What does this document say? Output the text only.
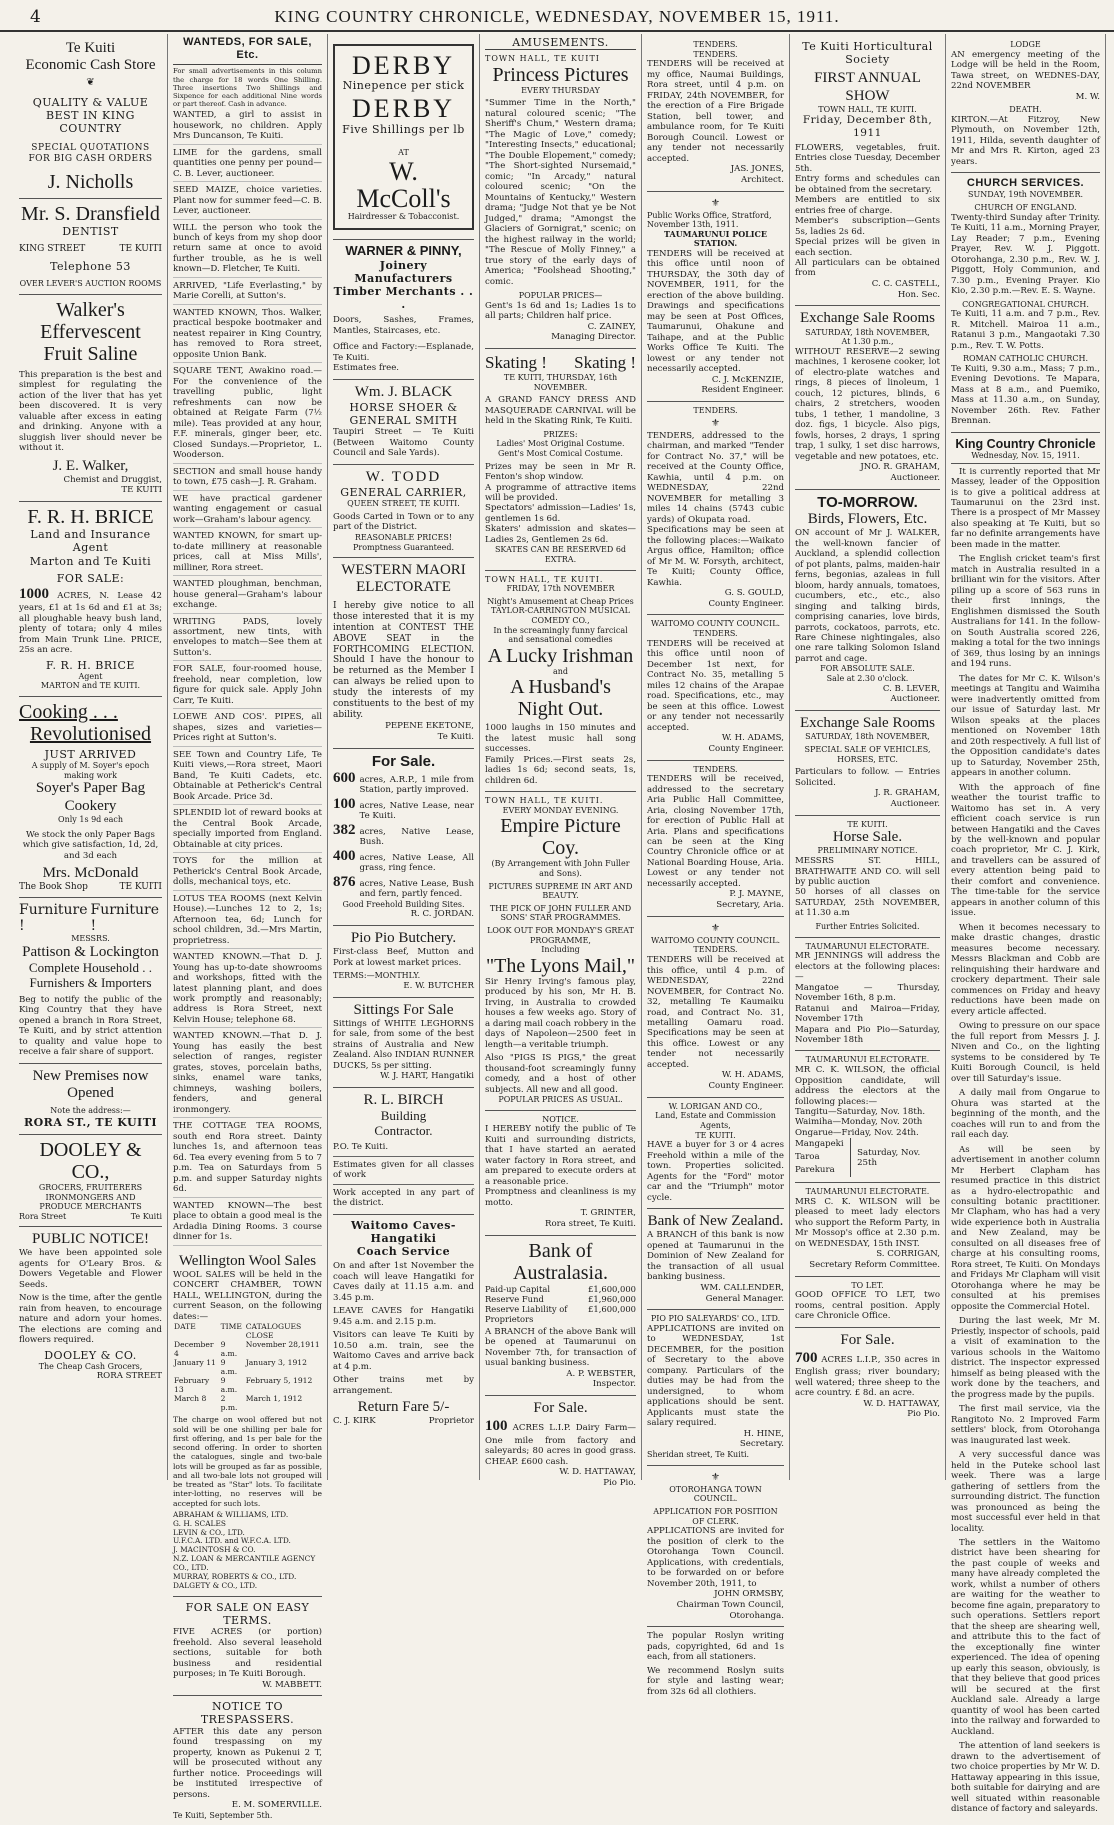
4	KING COUNTRY CHRONICLE, WEDNESDAY, NOVEMBER 15, 1911.
Te Kuiti
Economic Cash Store
❦
QUALITY & VALUE
BEST IN KING COUNTRY
SPECIAL QUOTATIONS
FOR BIG CASH ORDERS
J. Nicholls
Mr. S. Dransfield
DENTIST
KING STREET	TE KUITI
Telephone 53
OVER LEVER'S AUCTION ROOMS
Walker's
Effervescent
Fruit Saline
This preparation is the best and simplest for regulating the action of the liver that has yet been discovered. It is very valuable after excess in eating and drinking. Anyone with a sluggish liver should never be without it.
J. E. Walker,
Chemist and Druggist,
TE KUITI
F. R. H. BRICE
Land and Insurance Agent
Marton and Te Kuiti
FOR SALE:
1000 ACRES, N. Lease 42 years, £1 at 1s 6d and £1 at 3s; all ploughable heavy bush land, plenty of totara; only 4 miles from Main Trunk Line. PRICE, 25s an acre.
F. R. H. BRICE
Agent
MARTON and TE KUITI.
Cooking . . .
Revolutionised
JUST ARRIVED
A supply of M. Soyer's epoch making work
Soyer's Paper Bag Cookery
Only 1s 9d each
We stock the only Paper Bags which give satisfaction, 1d, 2d, and 3d each
Mrs. McDonald
The Book Shop	TE KUITI
Furniture !
Furniture !
MESSRS.
Pattison & Lockington
Complete Household . .
Furnishers & Importers
Beg to notify the public of the King Country that they have opened a branch in Rora Street, Te Kuiti, and by strict attention to quality and value hope to receive a fair share of support.
New Premises now
Opened
Note the address:—
RORA ST., TE KUITI
DOOLEY & CO.,
GROCERS, FRUITERERS
IRONMONGERS AND
PRODUCE MERCHANTS
Rora Street	Te Kuiti
PUBLIC NOTICE!
We have been appointed sole agents for O'Leary Bros. & Dowers Vegetable and Flower Seeds.
Now is the time, after the gentle rain from heaven, to encourage nature and adorn your homes. The elections are coming and flowers required.
DOOLEY & CO.
The Cheap Cash Grocers,
RORA STREET
WANTEDS, FOR SALE, Etc.
For small advertisements in this column the charge for 18 words One Shilling. Three insertions Two Shillings and Sixpence for each additional Nine words or part thereof. Cash in advance.
WANTED, a girl to assist in housework, no children. Apply Mrs Duncanson, Te Kuiti.
LIME for the gardens, small quantities one penny per pound—C. B. Lever, auctioneer.
SEED MAIZE, choice varieties. Plant now for summer feed—C. B. Lever, auctioneer.
WILL the person who took the bunch of keys from my shop door return same at once to avoid further trouble, as he is well known—D. Fletcher, Te Kuiti.
ARRIVED, "Life Everlasting," by Marie Corelli, at Sutton's.
WANTED KNOWN, Thos. Walker, practical bespoke bootmaker and neatest repairer in King Country, has removed to Rora street, opposite Union Bank.
SQUARE TENT, Awakino road.—For the convenience of the travelling public, light refreshments can now be obtained at Reigate Farm (7½ mile). Teas provided at any hour, F.F. minerals, ginger beer, etc. Closed Sundays.—Proprietor, L. Wooderson.
SECTION and small house handy to town, £75 cash—J. R. Graham.
WE have practical gardener wanting engagement or casual work—Graham's labour agency.
WANTED KNOWN, for smart up-to-date millinery at reasonable prices, call at Miss Mills', milliner, Rora street.
WANTED ploughman, benchman, house general—Graham's labour exchange.
WRITING PADS, lovely assortment, new tints, with envelopes to match—See them at Sutton's.
FOR SALE, four-roomed house, freehold, near completion, low figure for quick sale. Apply John Carr, Te Kuiti.
LOEWE AND COS'. PIPES, all shapes, sizes and varieties—Prices right at Sutton's.
SEE Town and Country Life, Te Kuiti views,—Rora street, Maori Band, Te Kuiti Cadets, etc. Obtainable at Petherick's Central Book Arcade. Price 3d.
SPLENDID lot of reward books at the Central Book Arcade, specially imported from England. Obtainable at city prices.
TOYS for the million at Petherick's Central Book Arcade, dolls, mechanical toys, etc.
LOTUS TEA ROOMS (next Kelvin House).—Lunches 12 to 2, 1s; Afternoon tea, 6d; Lunch for school children, 3d.—Mrs Martin, proprietress.
WANTED KNOWN.—That D. J. Young has up-to-date showrooms and workshops, fitted with the latest planning plant, and does work promptly and reasonably; address is Rora Street, next Kelvin House; telephone 68.
WANTED KNOWN.—That D. J. Young has easily the best selection of ranges, register grates, stoves, porcelain baths, sinks, enamel ware tanks, chimneys, washing boilers, fenders, and general ironmongery.
THE COTTAGE TEA ROOMS, south end Rora street. Dainty lunches 1s, and afternoon teas 6d. Tea every evening from 5 to 7 p.m. Tea on Saturdays from 5 p.m. and supper Saturday nights 6d.
WANTED KNOWN—The best place to obtain a good meal is the Ardadia Dining Rooms. 3 course dinner for 1s.
Wellington Wool Sales
WOOL SALES will be held in the CONCERT CHAMBER, TOWN HALL, WELLINGTON, during the current Season, on the following dates:—
DATE	TIME	CATALOGUES CLOSE
December 4	9 a.m.	November 28,1911
January 11	9 a.m.	January 3, 1912
February 13	9 a.m.	February 5, 1912
March 8	2 p.m.	March 1, 1912
The charge on wool offered but not sold will be one shilling per bale for first offering, and 1s per bale for the second offering. In order to shorten the catalogues, single and two-bale lots will be grouped as far as possible, and all two-bale lots not grouped will be treated as "Star" lots. To facilitate inter-lotting, no reserves will be accepted for such lots.
ABRAHAM & WILLIAMS, LTD.
G. H. SCALES
LEVIN & CO., LTD.
U.F.C.A. LTD. and W.F.C.A. LTD.
J. MACINTOSH & CO.
N.Z. LOAN & MERCANTILE AGENCY CO., LTD.
MURRAY, ROBERTS & CO., LTD.
DALGETY & CO., LTD.
FOR SALE ON EASY TERMS.
FIVE ACRES (or portion) freehold. Also several leasehold sections, suitable for both business and residential purposes; in Te Kuiti Borough.
W. MABBETT.
NOTICE TO TRESPASSERS.
AFTER this date any person found trespassing on my property, known as Pukenui 2 T, will be prosecuted without any further notice. Proceedings will be instituted irrespective of persons.
E. M. SOMERVILLE.
Te Kuiti, September 5th.
DERBY
Ninepence per stick
DERBY
Five Shillings per lb
AT
W. McColl's
Hairdresser & Tobacconist.
WARNER & PINNY,
Joinery Manufacturers
Timber Merchants . . .
Doors, Sashes, Frames, Mantles, Staircases, etc.
Office and Factory:—Esplanade, Te Kuiti.
Estimates free.
Wm. J. BLACK
HORSE SHOER &
GENERAL SMITH
Taupiri Street — Te Kuiti (Between Waitomo County Council and Sale Yards).
W. TODD
GENERAL CARRIER,
QUEEN STREET, TE KUITI.
Goods Carted in Town or to any part of the District.
REASONABLE PRICES!
Promptness Guaranteed.
WESTERN MAORI
ELECTORATE
I hereby give notice to all those interested that it is my intention at CONTEST THE ABOVE SEAT in the FORTHCOMING ELECTION. Should I have the honour to be returned as the Member I can always be relied upon to study the interests of my constituents to the best of my ability.
PEPENE EKETONE,
Te Kuiti.
For Sale.
600 acres, A.R.P., 1 mile from Station, partly improved.
100 acres, Native Lease, near Te Kuiti.
382 acres, Native Lease, Bush.
400 acres, Native Lease, All grass, ring fence.
876 acres, Native Lease, Bush and fern, partly fenced.
Good Freehold Building Sites.
R. C. JORDAN.
Pio Pio Butchery.
First-class Beef, Mutton and Pork at lowest market prices.
TERMS:—MONTHLY.
E. W. BUTCHER
Sittings For Sale
Sittings of WHITE LEGHORNS for sale, from some of the best strains of Australia and New Zealand. Also INDIAN RUNNER DUCKS, 5s per sitting.
W. J. HART, Hangatiki
R. L. BIRCH
Building
Contractor.
P.O. Te Kuiti.
Estimates given for all classes of work
Work accepted in any part of the district.
Waitomo Caves-Hangatiki
Coach Service
On and after 1st November the coach will leave Hangatiki for Caves daily at 11.15 a.m. and 3.45 p.m.
LEAVE CAVES for Hangatiki 9.45 a.m. and 2.15 p.m.
Visitors can leave Te Kuiti by 10.50 a.m. train, see the Waitomo Caves and arrive back at 4 p.m.
Other trains met by arrangement.
Return Fare 5/-
C. J. KIRK	Proprietor
AMUSEMENTS.
TOWN HALL, TE KUITI
Princess Pictures
EVERY THURSDAY
"Summer Time in the North," natural coloured scenic; "The Sheriff's Chum," Western drama; "The Magic of Love," comedy; "Interesting Insects," educational; "The Double Elopement," comedy; "The Short-sighted Nursemaid," comic; "In Arcady," natural coloured scenic; "On the Mountains of Kentucky," Western drama; "Judge Not that ye be Not Judged," drama; "Amongst the Glaciers of Gornigrat," scenic; on the highest railway in the world; "The Rescue of Molly Finney," a true story of the early days of America; "Foolshead Shooting," comic.
POPULAR PRICES—
Gent's 1s 6d and 1s; Ladies 1s to all parts; Children half price.
C. ZAINEY,
Managing Director.
Skating ! Skating !
TE KUITI, THURSDAY, 16th NOVEMBER.
A GRAND FANCY DRESS AND MASQUERADE CARNIVAL will be held in the Skating Rink, Te Kuiti.
PRIZES:
Ladies' Most Original Costume.
Gent's Most Comical Costume.
Prizes may be seen in Mr R. Fenton's shop window.
A programme of attractive items will be provided.
Spectators' admission—Ladies' 1s, gentlemen 1s 6d.
Skaters' admission and skates—Ladies 2s, Gentlemen 2s 6d.
SKATES CAN BE RESERVED 6d EXTRA.
TOWN HALL, TE KUITI.
FRIDAY, 17th NOVEMBER
Night's Amusement at Cheap Prices
TAYLOR-CARRINGTON MUSICAL COMEDY CO.,
In the screamingly funny farcical and sensational comedies
A Lucky Irishman
and
A Husband's Night Out.
1000 laughs in 150 minutes and the latest music hall song successes.
Family Prices.—First seats 2s, ladies 1s 6d; second seats, 1s, children 6d.
TOWN HALL, TE KUITI.
EVERY MONDAY EVENING.
Empire Picture Coy.
(By Arrangement with John Fuller and Sons).
PICTURES SUPREME IN ART AND BEAUTY.
THE PICK OF JOHN FULLER AND SONS' STAR PROGRAMMES.
LOOK OUT FOR MONDAY'S GREAT PROGRAMME,
Including
"The Lyons Mail,"
Sir Henry Irving's famous play, produced by his son, Mr H. B. Irving, in Australia to crowded houses a few weeks ago. Story of a daring mail coach robbery in the days of Napoleon—2500 feet in length—a veritable triumph.
Also "PIGS IS PIGS," the great thousand-foot screamingly funny comedy, and a host of other subjects. All new and all good.
POPULAR PRICES AS USUAL.
NOTICE.
I HEREBY notify the public of Te Kuiti and surrounding districts, that I have started an aerated water factory in Rora street, and am prepared to execute orders at a reasonable price.
Promptness and cleanliness is my motto.
T. GRINTER,
Rora street, Te Kuiti.
Bank of Australasia.
Paid-up Capital	£1,600,000
Reserve Fund	£1,960,000
Reserve Liability of Proprietors
£1,600,000
A BRANCH of the above Bank will be opened at Taumarunui on November 7th, for transaction of usual banking business.
A. P. WEBSTER,
Inspector.
For Sale.
100 ACRES L.I.P. Dairy Farm—One mile from factory and saleyards; 80 acres in good grass. CHEAP. £600 cash.
W. D. HATTAWAY,
Pio Pio.
TENDERS.
TENDERS.
TENDERS will be received at my office, Naumai Buildings, Rora street, until 4 p.m. on FRIDAY, 24th NOVEMBER, for the erection of a Fire Brigade Station, bell tower, and ambulance room, for Te Kuiti Borough Council. Lowest or any tender not necessarily accepted.
JAS. JONES,
Architect.
⚜
Public Works Office, Stratford, November 13th, 1911.
TAUMARUNUI POLICE STATION.
TENDERS will be received at this office until noon of THURSDAY, the 30th day of NOVEMBER, 1911, for the erection of the above building. Drawings and specifications may be seen at Post Offices, Taumarunui, Ohakune and Taihape, and at the Public Works Office Te Kuiti. The lowest or any tender not necessarily accepted.
C. J. McKENZIE,
Resident Engineer.
TENDERS.
⚜
TENDERS, addressed to the chairman, and marked "Tender for Contract No. 37," will be received at the County Office, Kawhia, until 4 p.m. on WEDNESDAY, 22nd NOVEMBER for metalling 3 miles 14 chains (5743 cubic yards) of Okupata road.
Specifications may be seen at the following places:—Waikato Argus office, Hamilton; office of Mr M. W. Forsyth, architect, Te Kuiti; County Office, Kawhia.
G. S. GOULD,
County Engineer.
WAITOMO COUNTY COUNCIL.
TENDERS.
TENDERS will be received at this office until noon of December 1st next, for Contract No. 35, metalling 5 miles 12 chains of the Arapae road. Specifications, etc., may be seen at this office. Lowest or any tender not necessarily accepted.
W. H. ADAMS,
County Engineer.
TENDERS.
TENDERS will be received, addressed to the secretary Aria Public Hall Committee, Aria, closing November 17th, for erection of Public Hall at Aria. Plans and specifications can be seen at the King Country Chronicle office or at National Boarding House, Aria. Lowest or any tender not necessarily accepted.
P. J. MAYNE,
Secretary, Aria.
⚜
WAITOMO COUNTY COUNCIL.
TENDERS.
TENDERS will be received at this office, until 4 p.m. of WEDNESDAY, 22nd NOVEMBER, for Contract No. 32, metalling Te Kaumaiku road, and Contract No. 31, metalling Oamaru road. Specifications may be seen at this office. Lowest or any tender not necessarily accepted.
W. H. ADAMS,
County Engineer.
W. LORIGAN AND CO.,
Land, Estate and Commission Agents,
TE KUITI.
HAVE a buyer for 3 or 4 acres Freehold within a mile of the town. Properties solicited. Agents for the "Ford" motor car and the "Triumph" motor cycle.
Bank of New Zealand.
A BRANCH of this bank is now opened at Taumarunui in the Dominion of New Zealand for the transaction of all usual banking business.
WM. CALLENDER,
General Manager.
PIO PIO SALEYARDS' CO., LTD.
APPLICATIONS are invited on to WEDNESDAY, 1st DECEMBER, for the position of Secretary to the above company. Particulars of the duties may be had from the undersigned, to whom applications should be sent. Applicants must state the salary required.
H. HINE,
Secretary.
Sheridan street, Te Kuiti.
⚜
OTOROHANGA TOWN COUNCIL.
APPLICATION FOR POSITION OF CLERK.
APPLICATIONS are invited for the position of clerk to the Otorohanga Town Council. Applications, with credentials, to be forwarded on or before November 20th, 1911, to
JOHN ORMSBY,
Chairman Town Council,
Otorohanga.
The popular Roslyn writing pads, copyrighted, 6d and 1s each, from all stationers.
We recommend Roslyn suits for style and lasting wear; from 32s 6d all clothiers.
Te Kuiti Horticultural
Society
FIRST ANNUAL SHOW
TOWN HALL, TE KUITI.
Friday, December 8th, 1911
FLOWERS, vegetables, fruit. Entries close Tuesday, December 5th.
Entry forms and schedules can be obtained from the secretary.
Members are entitled to six entries free of charge.
Member's subscription—Gents 5s, ladies 2s 6d.
Special prizes will be given in each section.
All particulars can be obtained from
C. C. CASTELL,
Hon. Sec.
Exchange Sale Rooms
SATURDAY, 18th NOVEMBER,
At 1.30 p.m.,
WITHOUT RESERVE—2 sewing machines, 1 kerosene cooker, lot of electro-plate watches and rings, 8 pieces of linoleum, 1 couch, 12 pictures, blinds, 6 chairs, 2 stretchers, wooden tubs, 1 tether, 1 mandoline, 3 doz. figs, 1 bicycle. Also pigs, fowls, horses, 2 drays, 1 spring trap, 1 sulky, 1 set disc harrows, vegetable and new potatoes, etc.
JNO. R. GRAHAM,
Auctioneer.
TO-MORROW.
Birds, Flowers, Etc.
ON account of Mr J. WALKER, the well-known fancier of Auckland, a splendid collection of pot plants, palms, maiden-hair ferns, begonias, azaleas in full bloom, hardy annuals, tomatoes, cucumbers, etc., etc., also singing and talking birds, comprising canaries, love birds, parrots, cockatoos, parrots, etc. Rare Chinese nightingales, also one rare talking Solomon Island parrot and cage.
FOR ABSOLUTE SALE.
Sale at 2.30 o'clock.
C. B. LEVER,
Auctioneer.
Exchange Sale Rooms
SATURDAY, 18th NOVEMBER,
SPECIAL SALE OF VEHICLES, HORSES, ETC.
Particulars to follow. — Entries Solicited.
J. R. GRAHAM,
Auctioneer.
TE KUITI.
Horse Sale.
PRELIMINARY NOTICE.
MESSRS ST. HILL, BRATHWAITE AND CO. will sell by public auction
50 horses of all classes on SATURDAY, 25th NOVEMBER, at 11.30 a.m
Further Entries Solicited.
TAUMARUNUI ELECTORATE.
MR JENNINGS will address the electors at the following places:—
Mangatoe — Thursday, November 16th, 8 p.m.
Ratanui and Mairoa—Friday, November 17th
Mapara and Pio Pio—Saturday, November 18th
TAUMARUNUI ELECTORATE.
MR C. K. WILSON, the official Opposition candidate, will address the electors at the following places:—
Tangitu—Saturday, Nov. 18th.
Waimiha—Monday, Nov. 20th
Ongarue—Friday, Nov. 24th.
Mangapeki
Taroa
Parekura
Saturday, Nov. 25th
TAUMARUNUI ELECTORATE.
MRS C. K. WILSON will be pleased to meet lady electors who support the Reform Party, in Mr Mossop's office at 2.30 p.m. on WEDNESDAY, 15th INST.
S. CORRIGAN,
Secretary Reform Committee.
TO LET.
GOOD OFFICE TO LET, two rooms, central position. Apply care Chronicle Office.
For Sale.
700 ACRES L.I.P., 350 acres in English grass; river boundary; well watered; three sheep to the acre country. £ 8d. an acre.
W. D. HATTAWAY,
Pio Pio.
LODGE
AN emergency meeting of the Lodge will be held in the Room, Tawa street, on WEDNES-DAY, 22nd NOVEMBER
M. W.
DEATH.
KIRTON.—At Fitzroy, New Plymouth, on November 12th, 1911, Hilda, seventh daughter of Mr and Mrs R. Kirton, aged 23 years.
CHURCH SERVICES.
SUNDAY, 19th NOVEMBER.
CHURCH OF ENGLAND.
Twenty-third Sunday after Trinity. Te Kuiti, 11 a.m., Morning Prayer, Lay Reader; 7 p.m., Evening Prayer, Rev. W. J. Piggott. Otorohanga, 2.30 p.m., Rev. W. J. Piggott, Holy Communion, and 7.30 p.m., Evening Prayer. Kio Kio, 2.30 p.m.—Rev. E. S. Wayne.
CONGREGATIONAL CHURCH.
Te Kuiti, 11 a.m. and 7 p.m., Rev. R. Mitchell. Mairoa 11 a.m., Ratanui 3 p.m., Mangaotaki 7.30 p.m., Rev. T. W. Potts.
ROMAN CATHOLIC CHURCH.
Te Kuiti, 9.30 a.m., Mass; 7 p.m., Evening Devotions. Te Mapara, Mass at 8 a.m., and Puemiko, Mass at 11.30 a.m., on Sunday, November 26th. Rev. Father Brennan.
King Country Chronicle
Wednesday, Nov. 15, 1911.

It is currently reported that Mr Massey, leader of the Opposition is to give a political address at Taumarunui on the 23rd inst. There is a prospect of Mr Massey also speaking at Te Kuiti, but so far no definite arrangements have been made in the matter.

The English cricket team's first match in Australia resulted in a brilliant win for the visitors. After piling up a score of 563 runs in their first innings, the Englishmen dismissed the South Australians for 141. In the follow-on South Australia scored 226, making a total for the two innings of 369, thus losing by an innings and 194 runs.

The dates for Mr C. K. Wilson's meetings at Tangitu and Waimiha were inadvertently omitted from our issue of Saturday last. Mr Wilson speaks at the places mentioned on November 18th and 20th respectively. A full list of the Opposition candidate's dates up to Saturday, November 25th, appears in another column.

With the approach of fine weather the tourist traffic to Waitomo has set in. A very efficient coach service is run between Hangatiki and the Caves by the well-known and popular coach proprietor, Mr C. J. Kirk, and travellers can be assured of every attention being paid to their comfort and convenience. The time-table for the service appears in another column of this issue.

When it becomes necessary to make drastic changes, drastic measures become necessary. Messrs Blackman and Cobb are relinquishing their hardware and crockery department. Their sale commences on Friday and heavy reductions have been made on every article affected.

Owing to pressure on our space the full report from Messrs J. J. Niven and Co., on the lighting systems to be considered by Te Kuiti Borough Council, is held over till Saturday's issue.

A daily mail from Ongarue to Ohura was started at the beginning of the month, and the coaches will run to and from the rail each day.

As will be seen by advertisement in another column Mr Herbert Clapham has resumed practice in this district as a hydro-electropathic and consulting botanic practitioner. Mr Clapham, who has had a very wide experience both in Australia and New Zealand, may be consulted on all diseases free of charge at his consulting rooms, Rora street, Te Kuiti. On Mondays and Fridays Mr Clapham will visit Otorohanga where he may be consulted at his premises opposite the Commercial Hotel.

During the last week, Mr M. Priestly, inspector of schools, paid a visit of examination to the various schools in the Waitomo district. The inspector expressed himself as being pleased with the work done by the teachers, and the progress made by the pupils.

The first mail service, via the Rangitoto No. 2 Improved Farm settlers' block, from Otorohanga was inaugurated last week.

A very successful dance was held in the Puteke school last week. There was a large gathering of settlers from the surrounding district. The function was pronounced as being the most successful ever held in that locality.

The settlers in the Waitomo district have been shearing for the past couple of weeks and many have already completed the work, whilst a number of others are waiting for the weather to become fine again, preparatory to such operations. Settlers report that the sheep are shearing well, and attribute this to the fact of the exceptionally fine winter experienced. The idea of opening up early this season, obviously, is that they believe that good prices will be secured at the first Auckland sale. Already a large quantity of wool has been carted into the railway and forwarded to Auckland.

The attention of land seekers is drawn to the advertisement of two choice properties by Mr W. D. Hattaway appearing in this issue, both suitable for dairying and are well situated within reasonable distance of factory and saleyards.
